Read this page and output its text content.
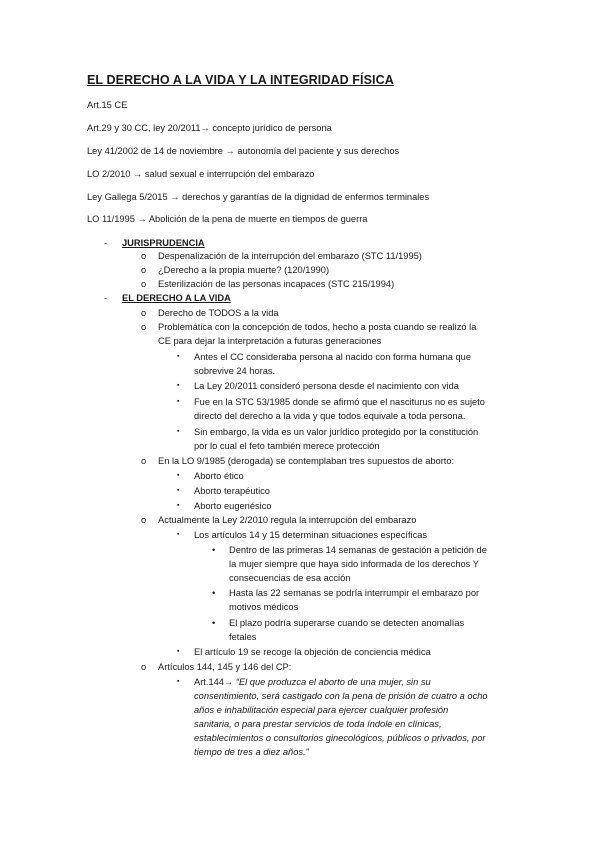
EL DERECHO A LA VIDA Y LA INTEGRIDAD FÍSICA
Art.15 CE
Art.29 y 30 CC, ley 20/2011→ concepto jurídico de persona
Ley 41/2002 de 14 de noviembre → autonomía del paciente y sus derechos
LO 2/2010 → salud sexual e interrupción del embarazo
Ley Gallega 5/2015 → derechos y garantías de la dignidad de enfermos terminales
LO 11/1995 → Abolición de la pena de muerte en tiempos de guerra
- JURISPRUDENCIA
o Despenalización de la interrupción del embarazo (STC 11/1995)
o ¿Derecho a la propia muerte? (120/1990)
o Esterilización de las personas incapaces (STC 215/1994)
- EL DERECHO A LA VIDA
o Derecho de TODOS a la vida
o Problemática con la concepción de todos, hecho a posta cuando se realizó la
CE para dejar la interpretación a futuras generaciones
▪ Antes el CC consideraba persona al nacido con forma humana que
sobrevive 24 horas.
▪ La Ley 20/2011 consideró persona desde el nacimiento con vida
▪ Fue en la STC 53/1985 donde se afirmó que el nasciturus no es sujeto
directo del derecho a la vida y que todos equivale a toda persona.
▪ Sin embargo, la vida es un valor jurídico protegido por la constitución
por lo cual el feto también merece protección
o En la LO 9/1985 (derogada) se contemplaban tres supuestos de aborto:
▪ Aborto ético
▪ Aborto terapéutico
▪ Aborto eugenésico
o Actualmente la Ley 2/2010 regula la interrupción del embarazo
▪ Los artículos 14 y 15 determinan situaciones específicas
• Dentro de las primeras 14 semanas de gestación a petición de
la mujer siempre que haya sido informada de los derechos Y
consecuencias de esa acción
• Hasta las 22 semanas se podría interrumpir el embarazo por
motivos médicos
• El plazo podría superarse cuando se detecten anomalías
fetales
▪ El artículo 19 se recoge la objeción de conciencia médica
o Artículos 144, 145 y 146 del CP:
▪ Art.144→ “El que produzca el aborto de una mujer, sin su
consentimiento, será castigado con la pena de prisión de cuatro a ocho
años e inhabilitación especial para ejercer cualquier profesión
sanitaria, o para prestar servicios de toda índole en clínicas,
establecimientos o consultorios ginecológicos, públicos o privados, por
tiempo de tres a diez años.”
